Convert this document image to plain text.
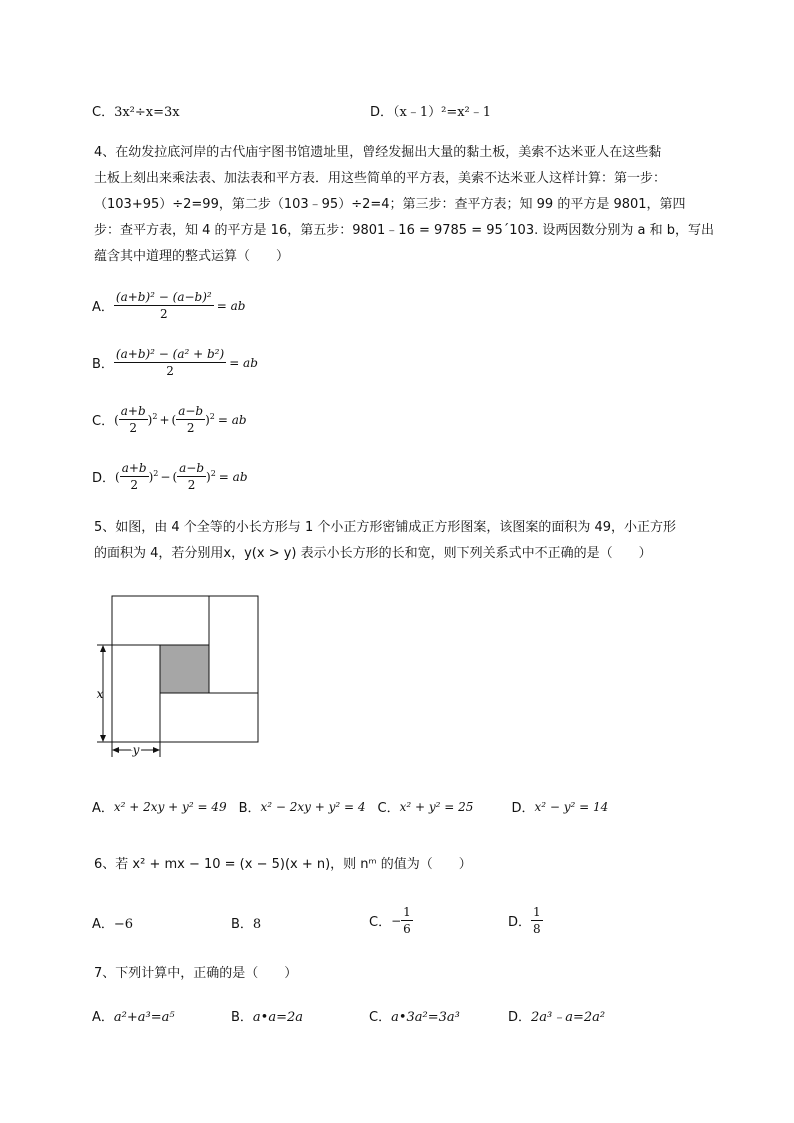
C．3x²÷x=3x	D．（x﹣1）²=x²﹣1
4、在幼发拉底河岸的古代庙宇图书馆遗址里，曾经发掘出大量的黏土板，美索不达米亚人在这些黏
土板上刻出来乘法表、加法表和平方表．用这些简单的平方表，美索不达米亚人这样计算：第一步：
（103+95）÷2=99，第二步（103﹣95）÷2=4；第三步：查平方表；知 99 的平方是 9801，第四
步：查平方表，知 4 的平方是 16，第五步：9801﹣16 = 9785 = 95´103. 设两因数分别为 a 和 b，写出
蕴含其中道理的整式运算（　　）
A． $\frac{\text{(a+b)² − (a−b)²}}{2}$ = ab
B． $\frac{\text{(a+b)² − (a² + b²)}}{2}$ = ab
C． ( $\frac{a+b}{2} )^2$ + ( $\frac{a-b}{2} )^2$ = ab
D． ( $\frac{a+b}{2} )^2$ − ( $\frac{a-b}{2} )^2$ = ab
5、如图，由 4 个全等的小长方形与 1 个小正方形密铺成正方形图案，该图案的面积为 49，小正方形
的面积为 4，若分别用x，y(x > y) 表示小长方形的长和宽，则下列关系式中不正确的是（　　）
x
y
A． x² + 2xy + y² = 49 B． x² − 2xy + y² = 4 C． x² + y² = 25	D． x² − y² = 14
6、若 x² + mx − 10 = (x − 5)(x + n)，则 nᵐ 的值为（　　）
A．−6	B．8	C． − $\frac{1}{6}$	D． $\frac{1}{8}$
7、下列计算中，正确的是（　　）
A．a²+a³=a⁵	B．a•a=2a	C．a•3a²=3a³	D．2a³﹣a=2a²
